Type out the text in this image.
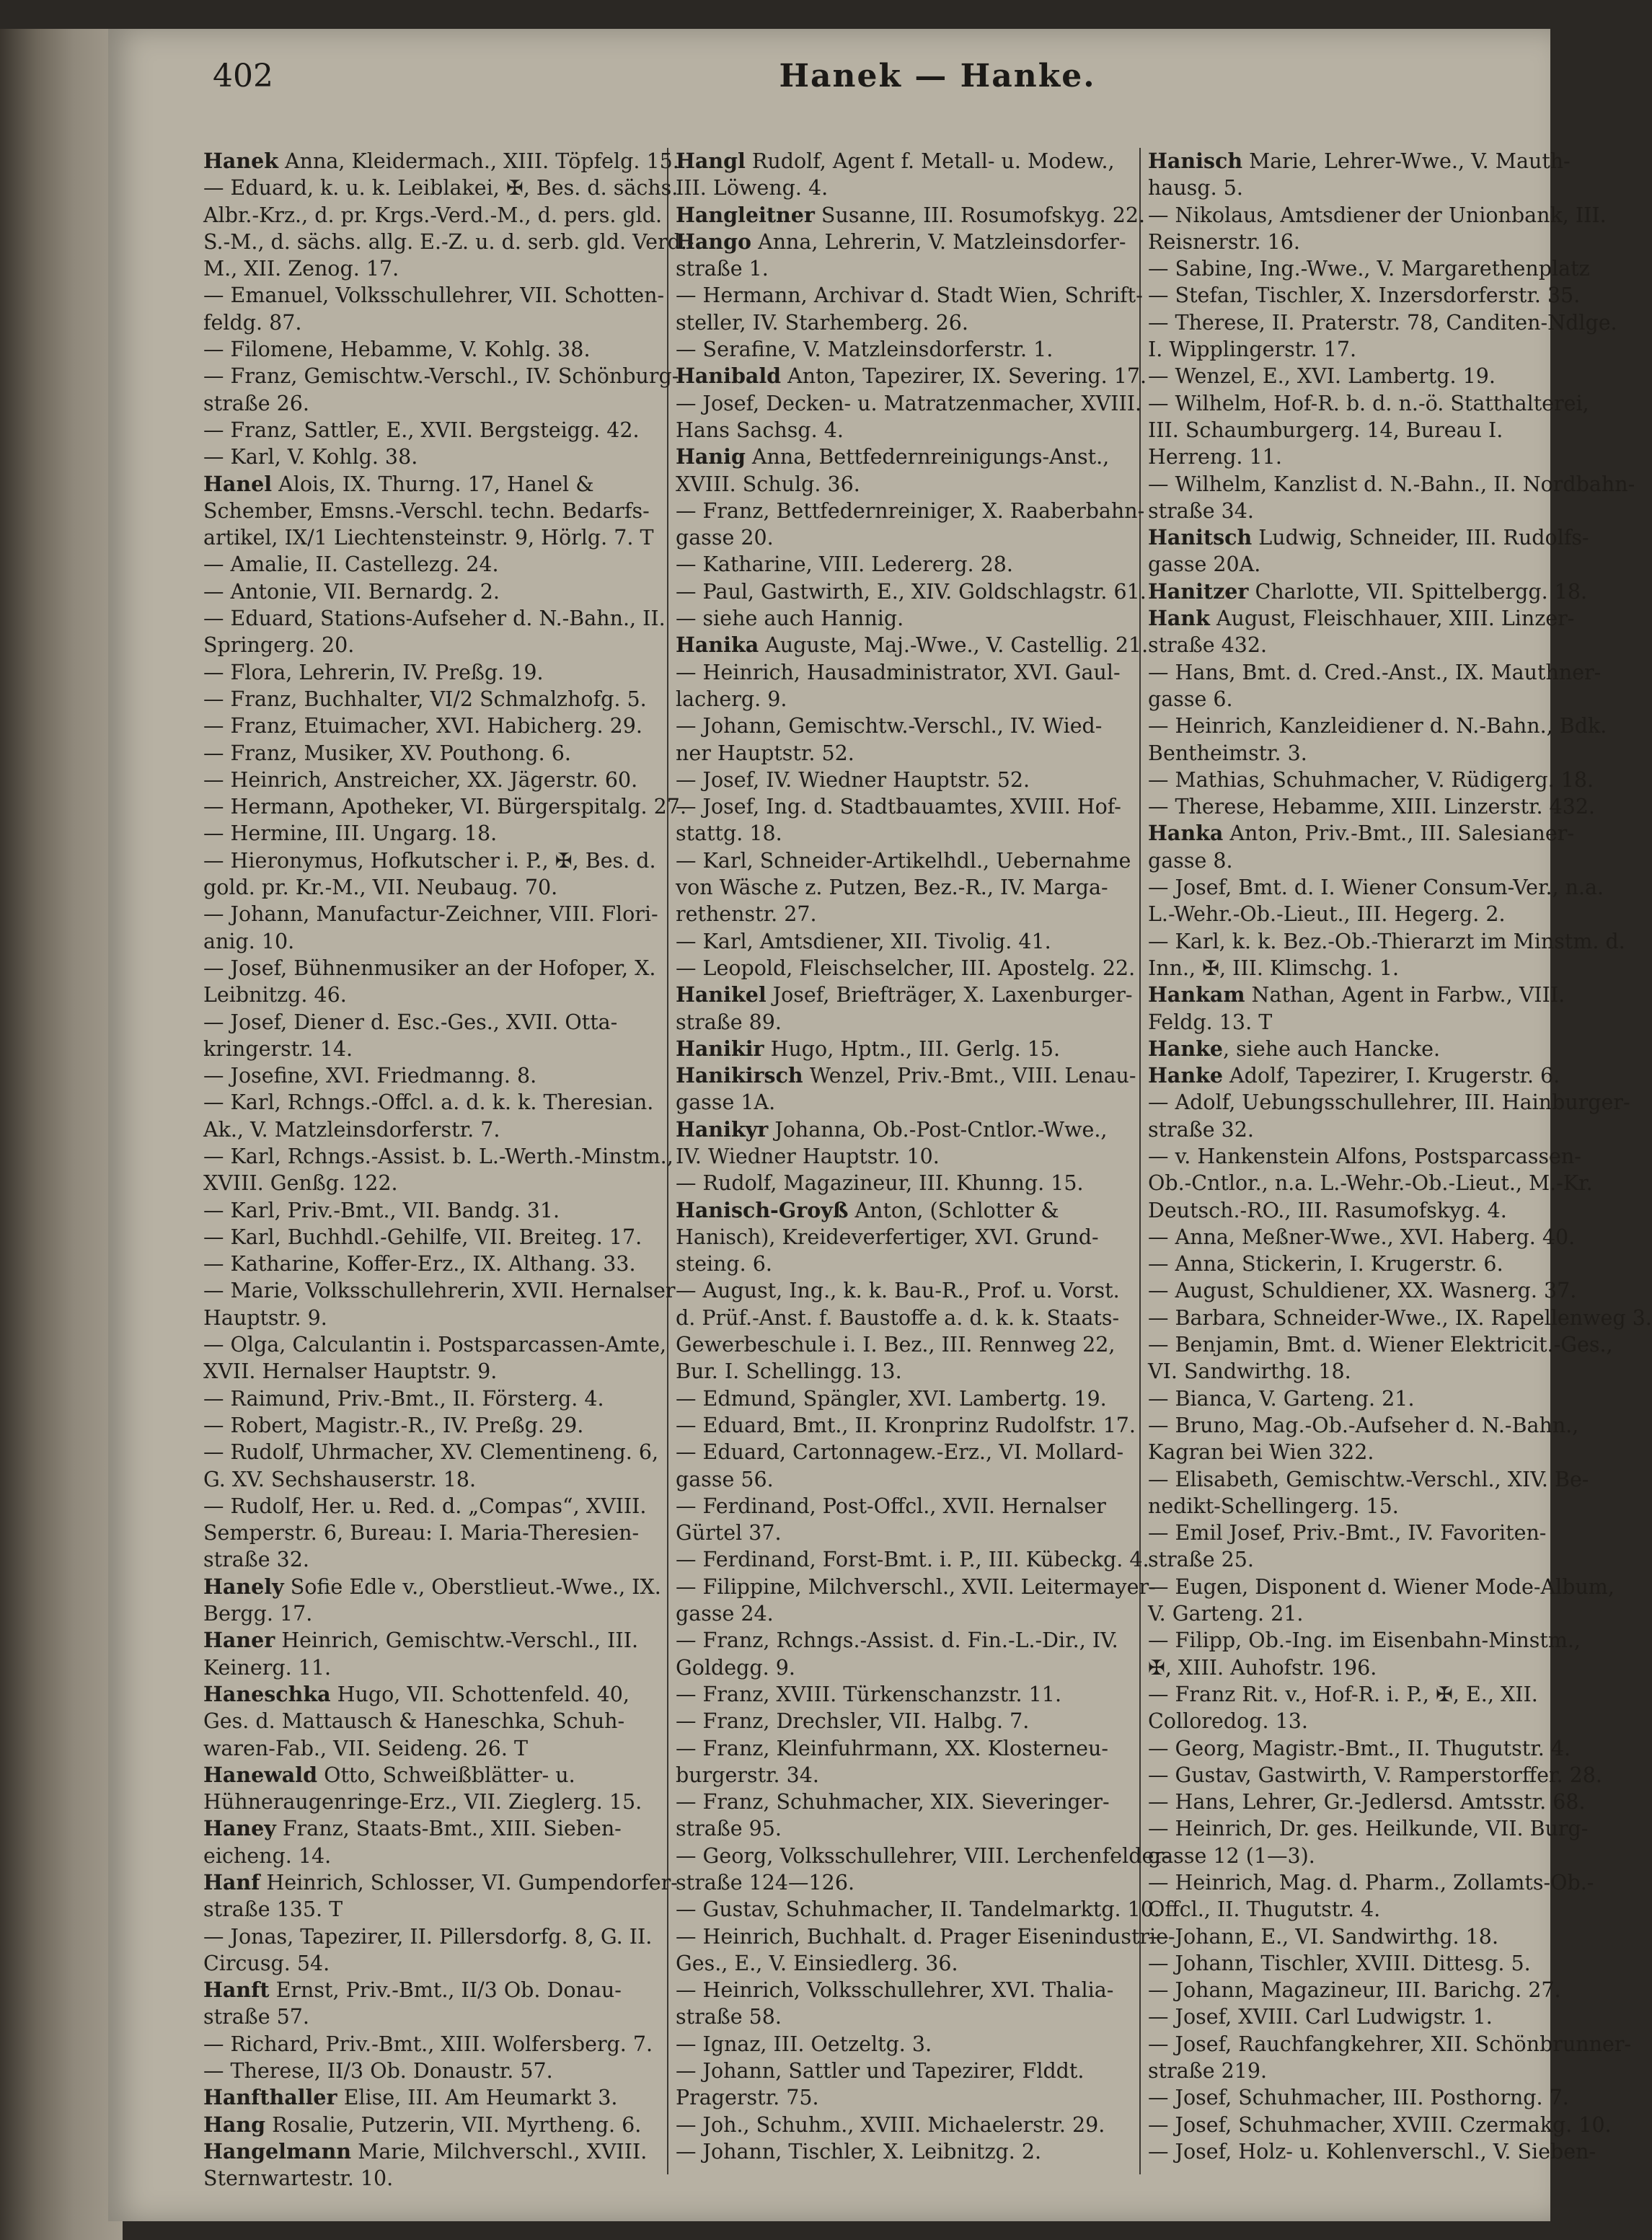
402	Hanek — Hanke.
Hanek Anna, Kleidermach., XIII. Töpfelg. 15.
— Eduard, k. u. k. Leiblakei, ✠, Bes. d. sächs.
Albr.-Krz., d. pr. Krgs.-Verd.-M., d. pers. gld.
S.-M., d. sächs. allg. E.-Z. u. d. serb. gld. Verd.-
M., XII. Zenog. 17.
— Emanuel, Volksschullehrer, VII. Schotten-
feldg. 87.
— Filomene, Hebamme, V. Kohlg. 38.
— Franz, Gemischtw.-Verschl., IV. Schönburg-
straße 26.
— Franz, Sattler, E., XVII. Bergsteigg. 42.
— Karl, V. Kohlg. 38.
Hanel Alois, IX. Thurng. 17, Hanel &
Schember, Emsns.-Verschl. techn. Bedarfs-
artikel, IX/1 Liechtensteinstr. 9, Hörlg. 7. T
— Amalie, II. Castellezg. 24.
— Antonie, VII. Bernardg. 2.
— Eduard, Stations-Aufseher d. N.-Bahn., II.
Springerg. 20.
— Flora, Lehrerin, IV. Preßg. 19.
— Franz, Buchhalter, VI/2 Schmalzhofg. 5.
— Franz, Etuimacher, XVI. Habicherg. 29.
— Franz, Musiker, XV. Pouthong. 6.
— Heinrich, Anstreicher, XX. Jägerstr. 60.
— Hermann, Apotheker, VI. Bürgerspitalg. 27.
— Hermine, III. Ungarg. 18.
— Hieronymus, Hofkutscher i. P., ✠, Bes. d.
gold. pr. Kr.-M., VII. Neubaug. 70.
— Johann, Manufactur-Zeichner, VIII. Flori-
anig. 10.
— Josef, Bühnenmusiker an der Hofoper, X.
Leibnitzg. 46.
— Josef, Diener d. Esc.-Ges., XVII. Otta-
kringerstr. 14.
— Josefine, XVI. Friedmanng. 8.
— Karl, Rchngs.-Offcl. a. d. k. k. Theresian.
Ak., V. Matzleinsdorferstr. 7.
— Karl, Rchngs.-Assist. b. L.-Werth.-Minstm.,
XVIII. Genßg. 122.
— Karl, Priv.-Bmt., VII. Bandg. 31.
— Karl, Buchhdl.-Gehilfe, VII. Breiteg. 17.
— Katharine, Koffer-Erz., IX. Althang. 33.
— Marie, Volksschullehrerin, XVII. Hernalser
Hauptstr. 9.
— Olga, Calculantin i. Postsparcassen-Amte,
XVII. Hernalser Hauptstr. 9.
— Raimund, Priv.-Bmt., II. Försterg. 4.
— Robert, Magistr.-R., IV. Preßg. 29.
— Rudolf, Uhrmacher, XV. Clementineng. 6,
G. XV. Sechshauserstr. 18.
— Rudolf, Her. u. Red. d. „Compas“, XVIII.
Semperstr. 6, Bureau: I. Maria-Theresien-
straße 32.
Hanely Sofie Edle v., Oberstlieut.-Wwe., IX.
Bergg. 17.
Haner Heinrich, Gemischtw.-Verschl., III.
Keinerg. 11.
Haneschka Hugo, VII. Schottenfeld. 40,
Ges. d. Mattausch & Haneschka, Schuh-
waren-Fab., VII. Seideng. 26. T
Hanewald Otto, Schweißblätter- u.
Hühneraugenringe-Erz., VII. Zieglerg. 15.
Haney Franz, Staats-Bmt., XIII. Sieben-
eicheng. 14.
Hanf Heinrich, Schlosser, VI. Gumpendorfer-
straße 135. T
— Jonas, Tapezirer, II. Pillersdorfg. 8, G. II.
Circusg. 54.
Hanft Ernst, Priv.-Bmt., II/3 Ob. Donau-
straße 57.
— Richard, Priv.-Bmt., XIII. Wolfersberg. 7.
— Therese, II/3 Ob. Donaustr. 57.
Hanfthaller Elise, III. Am Heumarkt 3.
Hang Rosalie, Putzerin, VII. Myrtheng. 6.
Hangelmann Marie, Milchverschl., XVIII.
Sternwartestr. 10.
Hangl Rudolf, Agent f. Metall- u. Modew.,
III. Löweng. 4.
Hangleitner Susanne, III. Rosumofskyg. 22.
Hango Anna, Lehrerin, V. Matzleinsdorfer-
straße 1.
— Hermann, Archivar d. Stadt Wien, Schrift-
steller, IV. Starhemberg. 26.
— Serafine, V. Matzleinsdorferstr. 1.
Hanibald Anton, Tapezirer, IX. Severing. 17.
— Josef, Decken- u. Matratzenmacher, XVIII.
Hans Sachsg. 4.
Hanig Anna, Bettfedernreinigungs-Anst.,
XVIII. Schulg. 36.
— Franz, Bettfedernreiniger, X. Raaberbahn-
gasse 20.
— Katharine, VIII. Ledererg. 28.
— Paul, Gastwirth, E., XIV. Goldschlagstr. 61.
— siehe auch Hannig.
Hanika Auguste, Maj.-Wwe., V. Castellig. 21.
— Heinrich, Hausadministrator, XVI. Gaul-
lacherg. 9.
— Johann, Gemischtw.-Verschl., IV. Wied-
ner Hauptstr. 52.
— Josef, IV. Wiedner Hauptstr. 52.
— Josef, Ing. d. Stadtbauamtes, XVIII. Hof-
stattg. 18.
— Karl, Schneider-Artikelhdl., Uebernahme
von Wäsche z. Putzen, Bez.-R., IV. Marga-
rethenstr. 27.
— Karl, Amtsdiener, XII. Tivolig. 41.
— Leopold, Fleischselcher, III. Apostelg. 22.
Hanikel Josef, Briefträger, X. Laxenburger-
straße 89.
Hanikir Hugo, Hptm., III. Gerlg. 15.
Hanikirsch Wenzel, Priv.-Bmt., VIII. Lenau-
gasse 1A.
Hanikyr Johanna, Ob.-Post-Cntlor.-Wwe.,
IV. Wiedner Hauptstr. 10.
— Rudolf, Magazineur, III. Khunng. 15.
Hanisch-Groyß Anton, (Schlotter &
Hanisch), Kreideverfertiger, XVI. Grund-
steing. 6.
— August, Ing., k. k. Bau-R., Prof. u. Vorst.
d. Prüf.-Anst. f. Baustoffe a. d. k. k. Staats-
Gewerbeschule i. I. Bez., III. Rennweg 22,
Bur. I. Schellingg. 13.
— Edmund, Spängler, XVI. Lambertg. 19.
— Eduard, Bmt., II. Kronprinz Rudolfstr. 17.
— Eduard, Cartonnagew.-Erz., VI. Mollard-
gasse 56.
— Ferdinand, Post-Offcl., XVII. Hernalser
Gürtel 37.
— Ferdinand, Forst-Bmt. i. P., III. Kübeckg. 4.
— Filippine, Milchverschl., XVII. Leitermayer-
gasse 24.
— Franz, Rchngs.-Assist. d. Fin.-L.-Dir., IV.
Goldegg. 9.
— Franz, XVIII. Türkenschanzstr. 11.
— Franz, Drechsler, VII. Halbg. 7.
— Franz, Kleinfuhrmann, XX. Klosterneu-
burgerstr. 34.
— Franz, Schuhmacher, XIX. Sieveringer-
straße 95.
— Georg, Volksschullehrer, VIII. Lerchenfelder-
straße 124—126.
— Gustav, Schuhmacher, II. Tandelmarktg. 10.
— Heinrich, Buchhalt. d. Prager Eisenindustrie-
Ges., E., V. Einsiedlerg. 36.
— Heinrich, Volksschullehrer, XVI. Thalia-
straße 58.
— Ignaz, III. Oetzeltg. 3.
— Johann, Sattler und Tapezirer, Flddt.
Pragerstr. 75.
— Joh., Schuhm., XVIII. Michaelerstr. 29.
— Johann, Tischler, X. Leibnitzg. 2.
Hanisch Marie, Lehrer-Wwe., V. Mauth-
hausg. 5.
— Nikolaus, Amtsdiener der Unionbank, III.
Reisnerstr. 16.
— Sabine, Ing.-Wwe., V. Margarethenplatz
— Stefan, Tischler, X. Inzersdorferstr. 35.
— Therese, II. Praterstr. 78, Canditen-Ndlge.
I. Wipplingerstr. 17.
— Wenzel, E., XVI. Lambertg. 19.
— Wilhelm, Hof-R. b. d. n.-ö. Statthalterei,
III. Schaumburgerg. 14, Bureau I.
Herreng. 11.
— Wilhelm, Kanzlist d. N.-Bahn., II. Nordbahn-
straße 34.
Hanitsch Ludwig, Schneider, III. Rudolfs-
gasse 20A.
Hanitzer Charlotte, VII. Spittelbergg. 18.
Hank August, Fleischhauer, XIII. Linzer-
straße 432.
— Hans, Bmt. d. Cred.-Anst., IX. Mauthner-
gasse 6.
— Heinrich, Kanzleidiener d. N.-Bahn., Bdk.
Bentheimstr. 3.
— Mathias, Schuhmacher, V. Rüdigerg. 18.
— Therese, Hebamme, XIII. Linzerstr. 432.
Hanka Anton, Priv.-Bmt., III. Salesianer-
gasse 8.
— Josef, Bmt. d. I. Wiener Consum-Ver., n.a.
L.-Wehr.-Ob.-Lieut., III. Hegerg. 2.
— Karl, k. k. Bez.-Ob.-Thierarzt im Minstm. d.
Inn., ✠, III. Klimschg. 1.
Hankam Nathan, Agent in Farbw., VIII.
Feldg. 13. T
Hanke, siehe auch Hancke.
Hanke Adolf, Tapezirer, I. Krugerstr. 6.
— Adolf, Uebungsschullehrer, III. Hainburger-
straße 32.
— v. Hankenstein Alfons, Postsparcassen-
Ob.-Cntlor., n.a. L.-Wehr.-Ob.-Lieut., M.-Kr.
Deutsch.-RO., III. Rasumofskyg. 4.
— Anna, Meßner-Wwe., XVI. Haberg. 40.
— Anna, Stickerin, I. Krugerstr. 6.
— August, Schuldiener, XX. Wasnerg. 37.
— Barbara, Schneider-Wwe., IX. Rapellenweg 3.
— Benjamin, Bmt. d. Wiener Elektricit.-Ges.,
VI. Sandwirthg. 18.
— Bianca, V. Garteng. 21.
— Bruno, Mag.-Ob.-Aufseher d. N.-Bahn.,
Kagran bei Wien 322.
— Elisabeth, Gemischtw.-Verschl., XIV. Be-
nedikt-Schellingerg. 15.
— Emil Josef, Priv.-Bmt., IV. Favoriten-
straße 25.
— Eugen, Disponent d. Wiener Mode-Album,
V. Garteng. 21.
— Filipp, Ob.-Ing. im Eisenbahn-Minstm.,
✠, XIII. Auhofstr. 196.
— Franz Rit. v., Hof-R. i. P., ✠, E., XII.
Colloredog. 13.
— Georg, Magistr.-Bmt., II. Thugutstr. 4.
— Gustav, Gastwirth, V. Ramperstorffer. 28.
— Hans, Lehrer, Gr.-Jedlersd. Amtsstr. 68.
— Heinrich, Dr. ges. Heilkunde, VII. Burg-
gasse 12 (1—3).
— Heinrich, Mag. d. Pharm., Zollamts-Ob.-
Offcl., II. Thugutstr. 4.
— Johann, E., VI. Sandwirthg. 18.
— Johann, Tischler, XVIII. Dittesg. 5.
— Johann, Magazineur, III. Barichg. 27.
— Josef, XVIII. Carl Ludwigstr. 1.
— Josef, Rauchfangkehrer, XII. Schönbrunner-
straße 219.
— Josef, Schuhmacher, III. Posthorng. 7.
— Josef, Schuhmacher, XVIII. Czermakg. 10.
— Josef, Holz- u. Kohlenverschl., V. Sieben-
